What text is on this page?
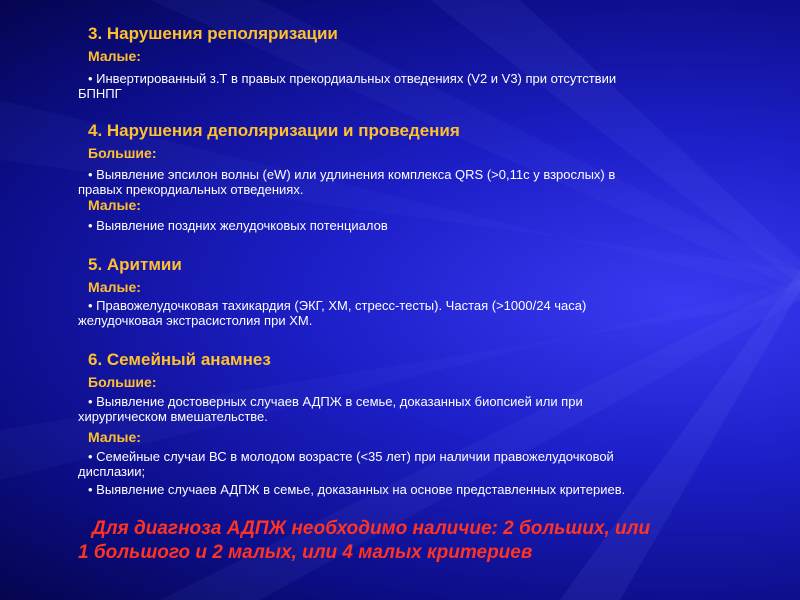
3. Нарушения реполяризации
Малые:
• Инвертированный з.Т в правых прекордиальных отведениях (V2 и V3) при отсутствии
БПНПГ
4. Нарушения деполяризации и проведения
Большие:
• Выявление эпсилон волны (eW) или удлинения комплекса QRS (>0,11с у взрослых) в
правых прекордиальных отведениях.
Малые:
• Выявление поздних желудочковых потенциалов
5. Аритмии
Малые:
• Правожелудочковая тахикардия (ЭКГ, ХМ, стресс-тесты). Частая (>1000/24 часа)
желудочковая экстрасистолия при ХМ.
6. Семейный анамнез
Большие:
• Выявление достоверных случаев АДПЖ в семье, доказанных биопсией или при
хирургическом вмешательстве.
Малые:
• Семейные случаи ВС в молодом возрасте (<35 лет) при наличии правожелудочковой
дисплазии;
• Выявление случаев АДПЖ в семье, доказанных на основе представленных критериев.
Для диагноза АДПЖ необходимо наличие: 2 больших, или
1 большого и 2 малых, или 4 малых критериев
